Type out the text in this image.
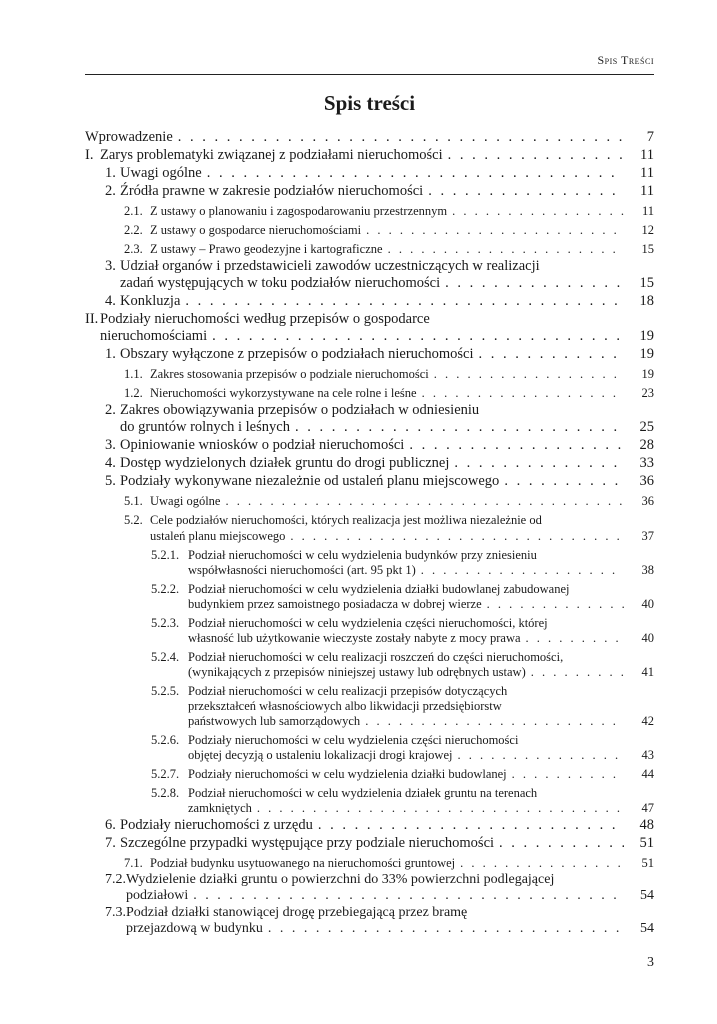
Spis Treści
Spis treści
Wprowadzenie . . .	7
I. Zarys problematyki związanej z podziałami nieruchomości . . .	11
1. Uwagi ogólne . . .	11
2. Źródła prawne w zakresie podziałów nieruchomości . . .	11
2.1. Z ustawy o planowaniu i zagospodarowaniu przestrzennym . . .	11
2.2. Z ustawy o gospodarce nieruchomościami . . .	12
2.3. Z ustawy – Prawo geodezyjne i kartograficzne . . .	15
3. Udział organów i przedstawicieli zawodów uczestniczących w realizacji
zadań występujących w toku podziałów nieruchomości . . .	15
4. Konkluzja . . .	18
II. Podziały nieruchomości według przepisów o gospodarce
nieruchomościami . . .	19
1. Obszary wyłączone z przepisów o podziałach nieruchomości . . .	19
1.1. Zakres stosowania przepisów o podziale nieruchomości . . .	19
1.2. Nieruchomości wykorzystywane na cele rolne i leśne . . .	23
2. Zakres obowiązywania przepisów o podziałach w odniesieniu
do gruntów rolnych i leśnych . . .	25
3. Opiniowanie wniosków o podział nieruchomości . . .	28
4. Dostęp wydzielonych działek gruntu do drogi publicznej . . .	33
5. Podziały wykonywane niezależnie od ustaleń planu miejscowego . . .	36
5.1. Uwagi ogólne . . .	36
5.2. Cele podziałów nieruchomości, których realizacja jest możliwa niezależnie od
ustaleń planu miejscowego . . .	37
5.2.1. Podział nieruchomości w celu wydzielenia budynków przy zniesieniu
współwłasności nieruchomości (art. 95 pkt 1) . . .	38
5.2.2. Podział nieruchomości w celu wydzielenia działki budowlanej zabudowanej
budynkiem przez samoistnego posiadacza w dobrej wierze . . .	40
5.2.3. Podział nieruchomości w celu wydzielenia części nieruchomości, której
własność lub użytkowanie wieczyste zostały nabyte z mocy prawa . . .	40
5.2.4. Podział nieruchomości w celu realizacji roszczeń do części nieruchomości,
(wynikających z przepisów niniejszej ustawy lub odrębnych ustaw) . . .	41
5.2.5. Podział nieruchomości w celu realizacji przepisów dotyczących
przekształceń własnościowych albo likwidacji przedsiębiorstw
państwowych lub samorządowych . . .	42
5.2.6. Podziały nieruchomości w celu wydzielenia części nieruchomości
objętej decyzją o ustaleniu lokalizacji drogi krajowej . . .	43
5.2.7. Podziały nieruchomości w celu wydzielenia działki budowlanej . . .	44
5.2.8. Podział nieruchomości w celu wydzielenia działek gruntu na terenach
zamkniętych . . .	47
6. Podziały nieruchomości z urzędu . . .	48
7. Szczególne przypadki występujące przy podziale nieruchomości . . .	51
7.1. Podział budynku usytuowanego na nieruchomości gruntowej . . .	51
7.2. Wydzielenie działki gruntu o powierzchni do 33% powierzchni podlegającej
podziałowi . . .	54
7.3. Podział działki stanowiącej drogę przebiegającą przez bramę
przejazdową w budynku . . .	54
3
